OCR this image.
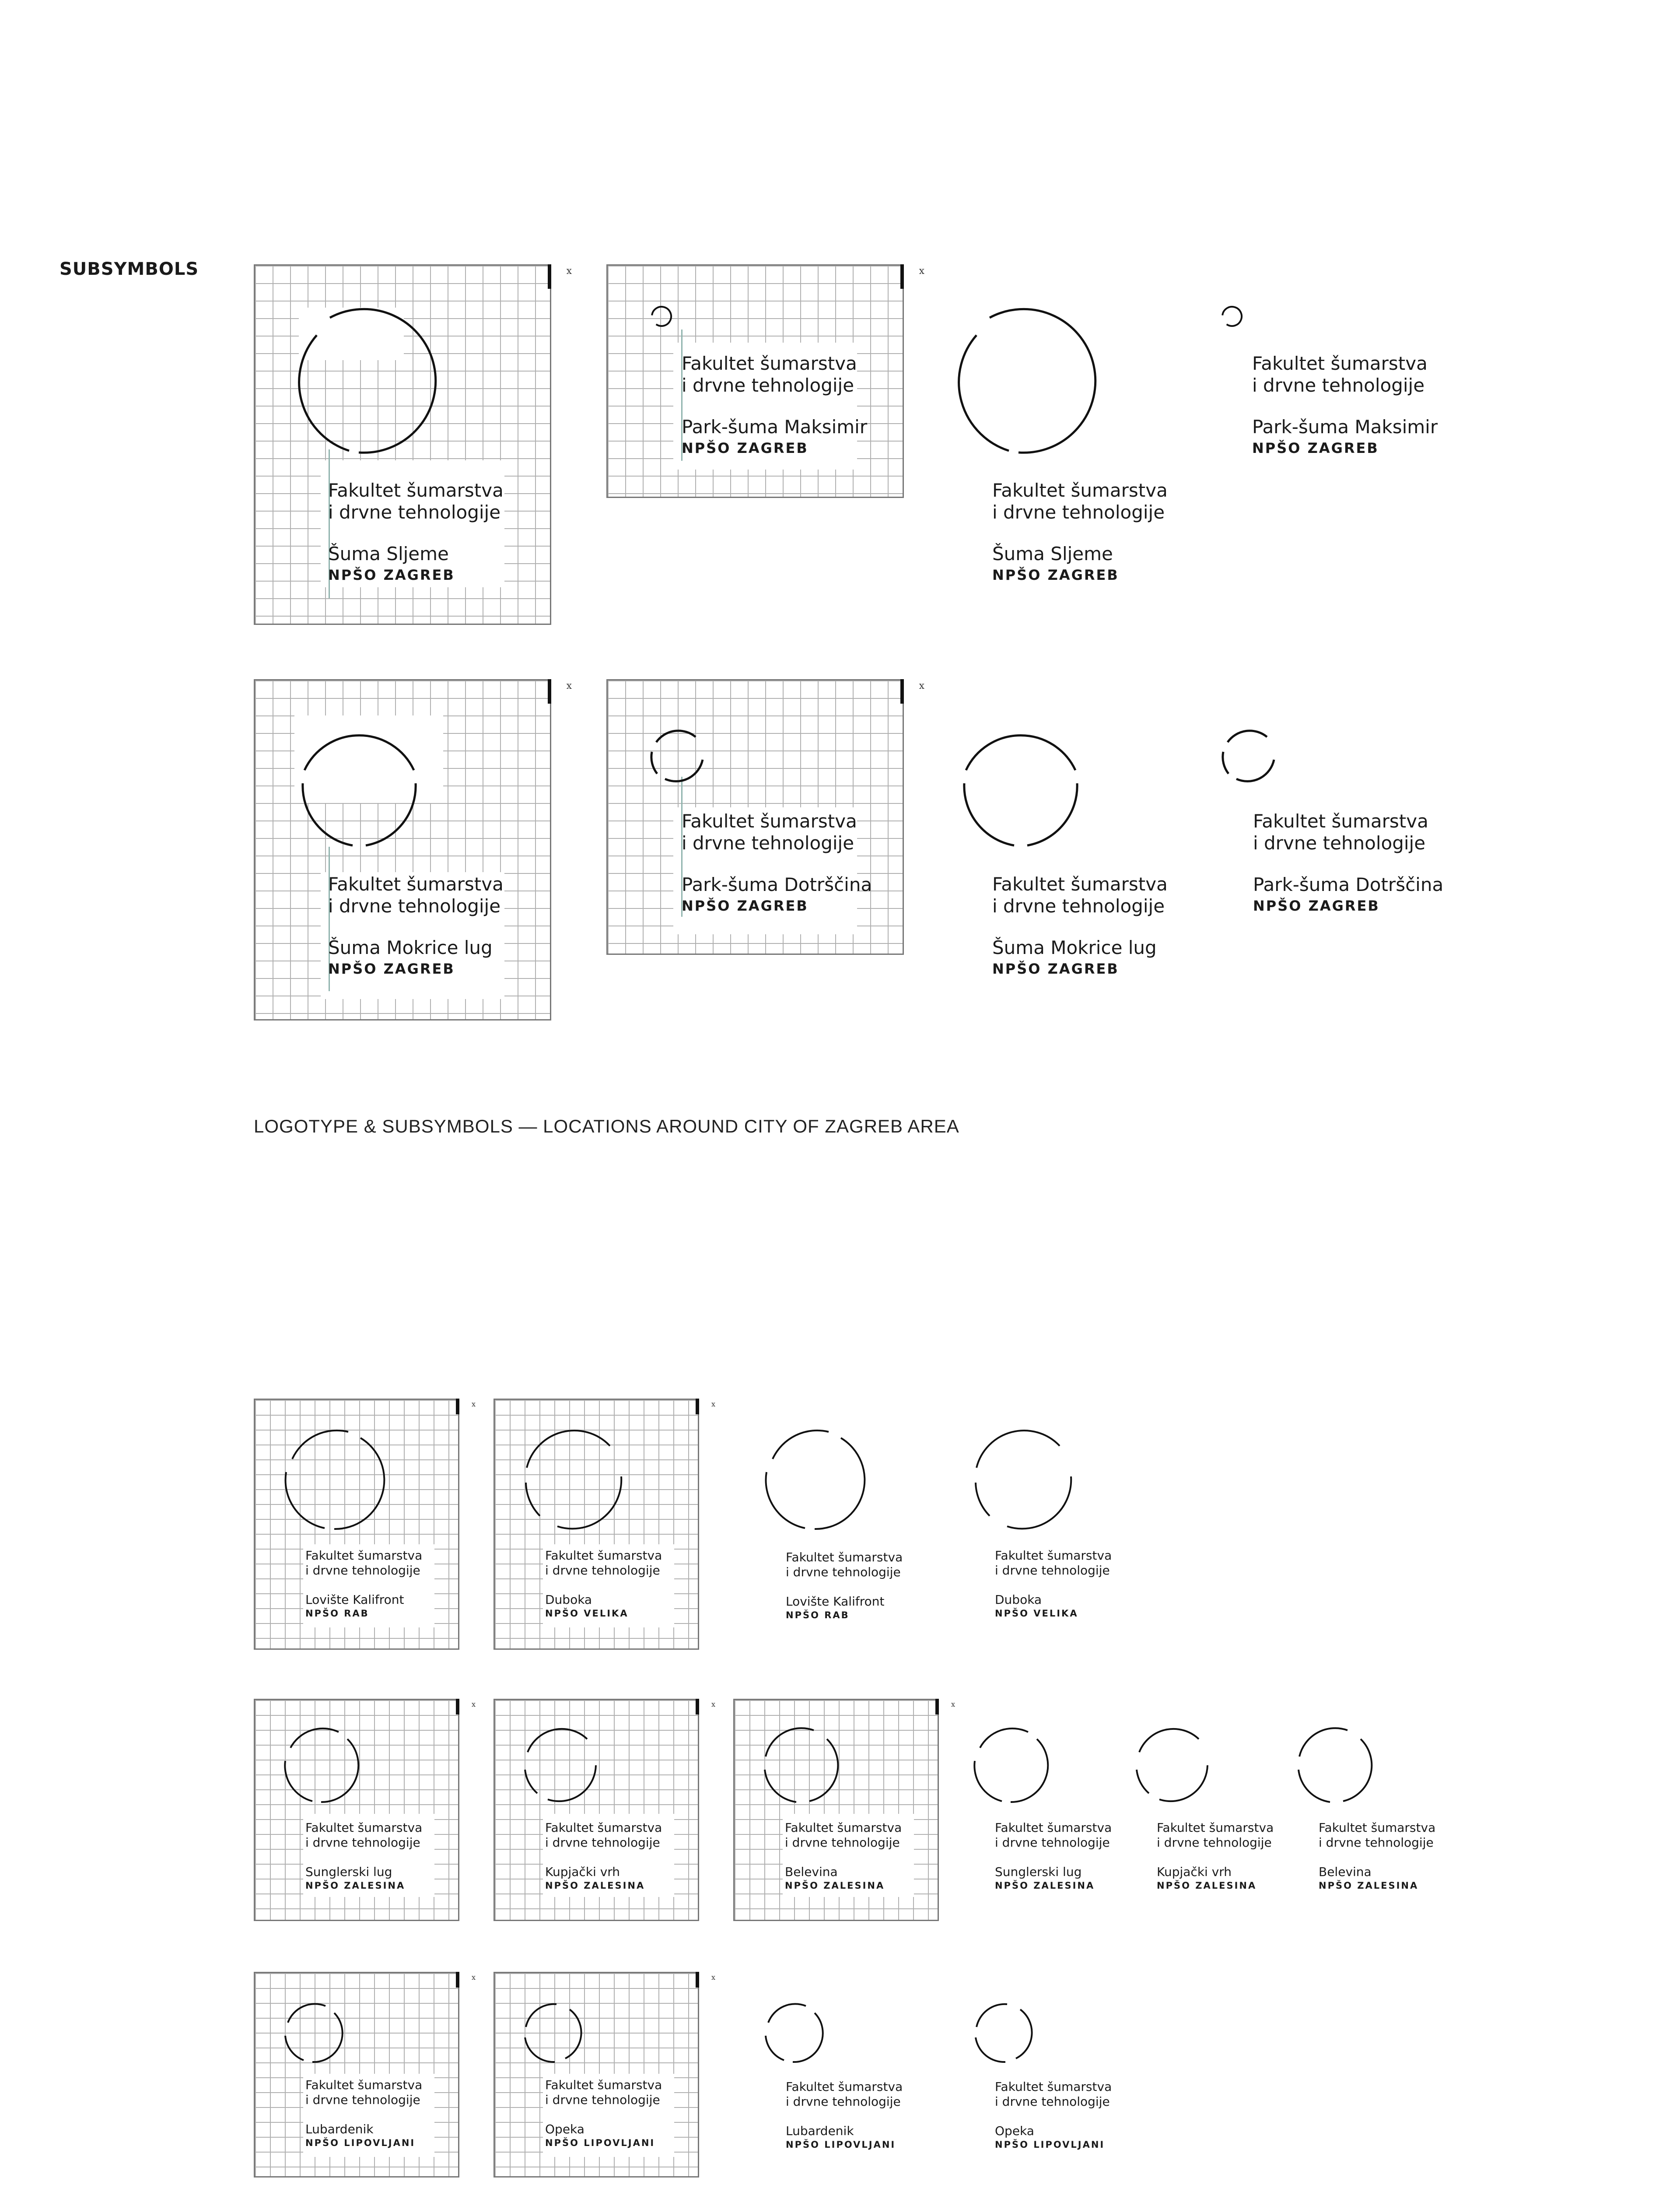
SUBSYMBOLS	x
Fakultet šumarstva
i drvne tehnologije
Šuma Sljeme
NPŠO ZAGREB
x
Fakultet šumarstva
i drvne tehnologije
Park-šuma Maksimir
NPŠO ZAGREB
Fakultet šumarstva
i drvne tehnologije
Šuma Sljeme
NPŠO ZAGREB
Fakultet šumarstva
i drvne tehnologije
Park-šuma Maksimir
NPŠO ZAGREB
x
Fakultet šumarstva
i drvne tehnologije
Šuma Mokrice lug
NPŠO ZAGREB
x
Fakultet šumarstva
i drvne tehnologije
Park-šuma Dotrščina
NPŠO ZAGREB
Fakultet šumarstva
i drvne tehnologije
Šuma Mokrice lug
NPŠO ZAGREB
Fakultet šumarstva
i drvne tehnologije
Park-šuma Dotrščina
NPŠO ZAGREB
LOGOTYPE & SUBSYMBOLS — LOCATIONS AROUND CITY OF ZAGREB AREA
x
Fakultet šumarstva
i drvne tehnologije
Lovište Kalifront
NPŠO RAB
x
Fakultet šumarstva
i drvne tehnologije
Duboka
NPŠO VELIKA
Fakultet šumarstva
i drvne tehnologije
Lovište Kalifront
NPŠO RAB
Fakultet šumarstva
i drvne tehnologije
Duboka
NPŠO VELIKA
x
Fakultet šumarstva
i drvne tehnologije
Sunglerski lug
NPŠO ZALESINA
x
Fakultet šumarstva
i drvne tehnologije
Kupjački vrh
NPŠO ZALESINA
x
Fakultet šumarstva
i drvne tehnologije
Belevina
NPŠO ZALESINA
Fakultet šumarstva
i drvne tehnologije
Sunglerski lug
NPŠO ZALESINA
Fakultet šumarstva
i drvne tehnologije
Kupjački vrh
NPŠO ZALESINA
Fakultet šumarstva
i drvne tehnologije
Belevina
NPŠO ZALESINA
x
Fakultet šumarstva
i drvne tehnologije
Lubardenik
NPŠO LIPOVLJANI
x
Fakultet šumarstva
i drvne tehnologije
Opeka
NPŠO LIPOVLJANI
Fakultet šumarstva
i drvne tehnologije
Lubardenik
NPŠO LIPOVLJANI
Fakultet šumarstva
i drvne tehnologije
Opeka
NPŠO LIPOVLJANI
